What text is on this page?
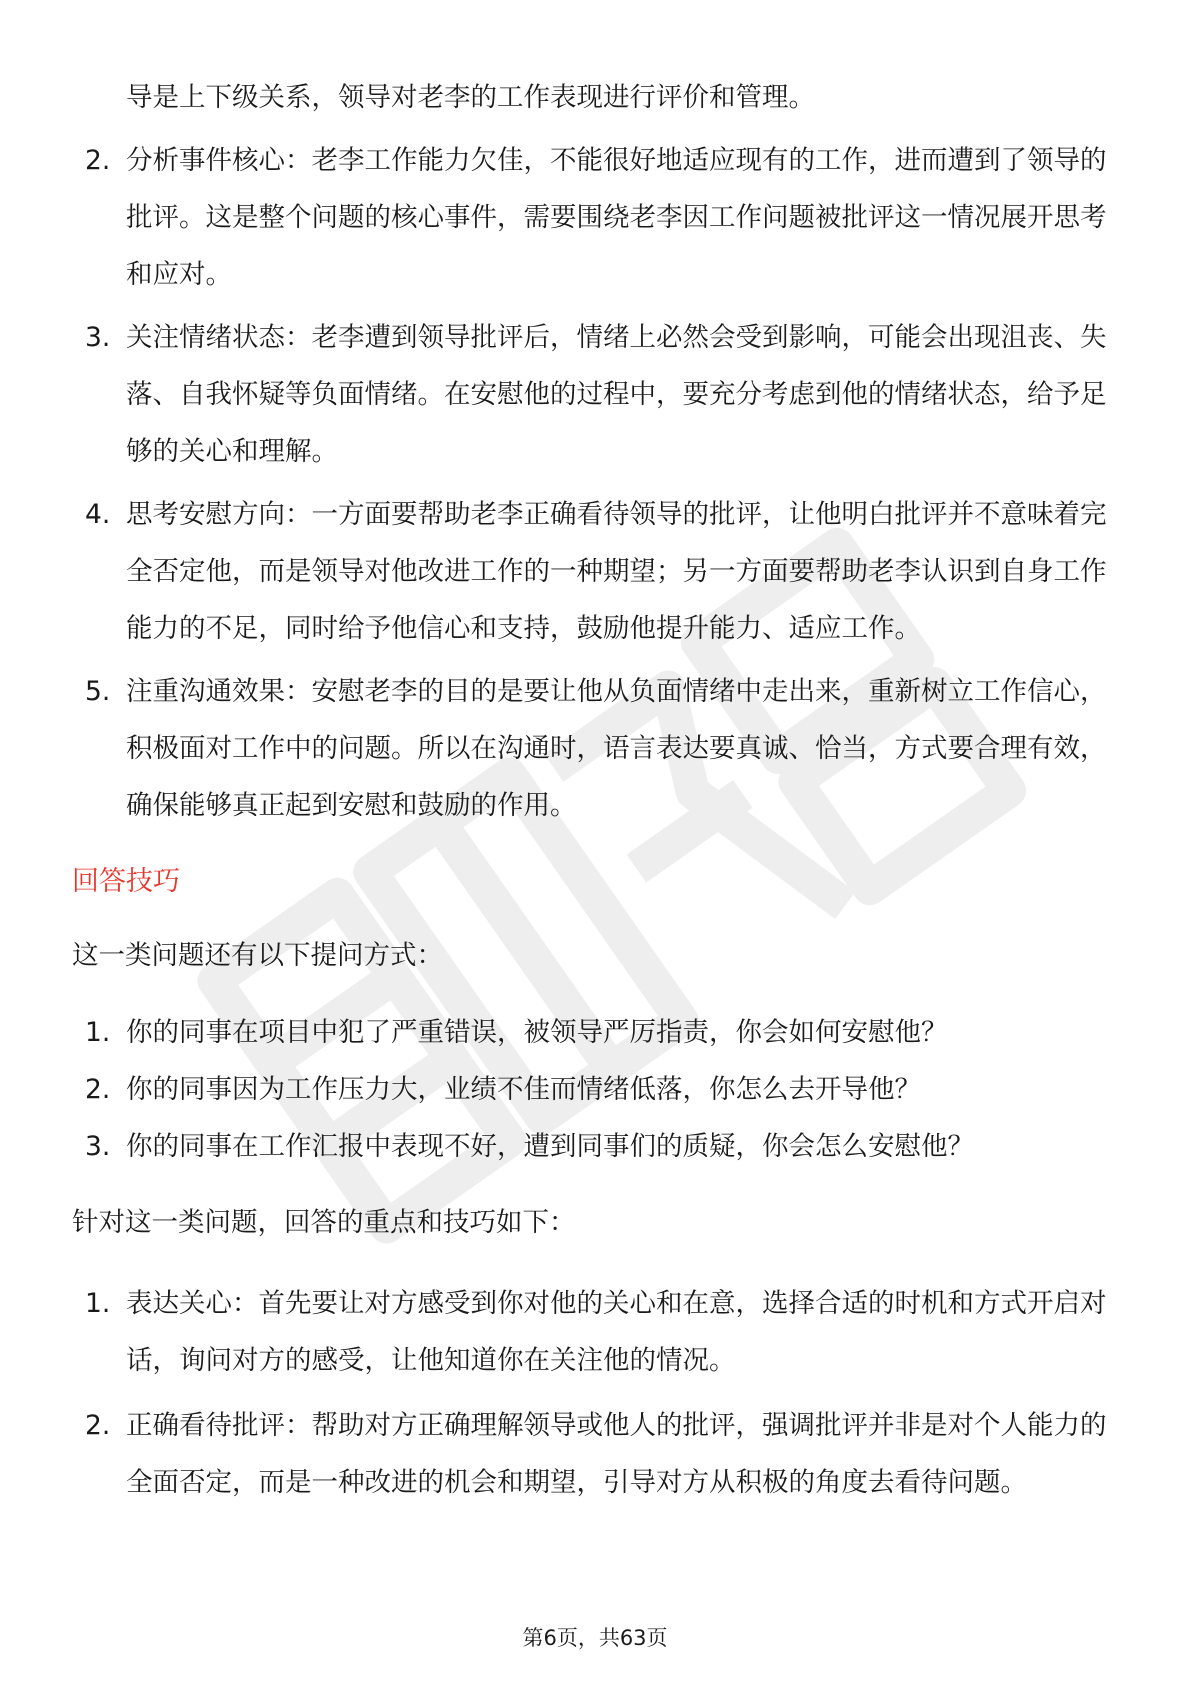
导是上下级关系，领导对老李的工作表现进行评价和管理。
2. 分析事件核心：老李工作能力欠佳，不能很好地适应现有的工作，进而遭到了领导的批评。这是整个问题的核心事件，需要围绕老李因工作问题被批评这一情况展开思考和应对。
3. 关注情绪状态：老李遭到领导批评后，情绪上必然会受到影响，可能会出现沮丧、失落、自我怀疑等负面情绪。在安慰他的过程中，要充分考虑到他的情绪状态，给予足够的关心和理解。
4. 思考安慰方向：一方面要帮助老李正确看待领导的批评，让他明白批评并不意味着完全否定他，而是领导对他改进工作的一种期望；另一方面要帮助老李认识到自身工作能力的不足，同时给予他信心和支持，鼓励他提升能力、适应工作。
5. 注重沟通效果：安慰老李的目的是要让他从负面情绪中走出来，重新树立工作信心，积极面对工作中的问题。所以在沟通时，语言表达要真诚、恰当，方式要合理有效，确保能够真正起到安慰和鼓励的作用。
回答技巧
这一类问题还有以下提问方式：
1. 你的同事在项目中犯了严重错误，被领导严厉指责，你会如何安慰他？
2. 你的同事因为工作压力大，业绩不佳而情绪低落，你怎么去开导他？
3. 你的同事在工作汇报中表现不好，遭到同事们的质疑，你会怎么安慰他？
针对这一类问题，回答的重点和技巧如下：
1. 表达关心：首先要让对方感受到你对他的关心和在意，选择合适的时机和方式开启对话，询问对方的感受，让他知道你在关注他的情况。
2. 正确看待批评：帮助对方正确理解领导或他人的批评，强调批评并非是对个人能力的全面否定，而是一种改进的机会和期望，引导对方从积极的角度去看待问题。
第6页，共63页
